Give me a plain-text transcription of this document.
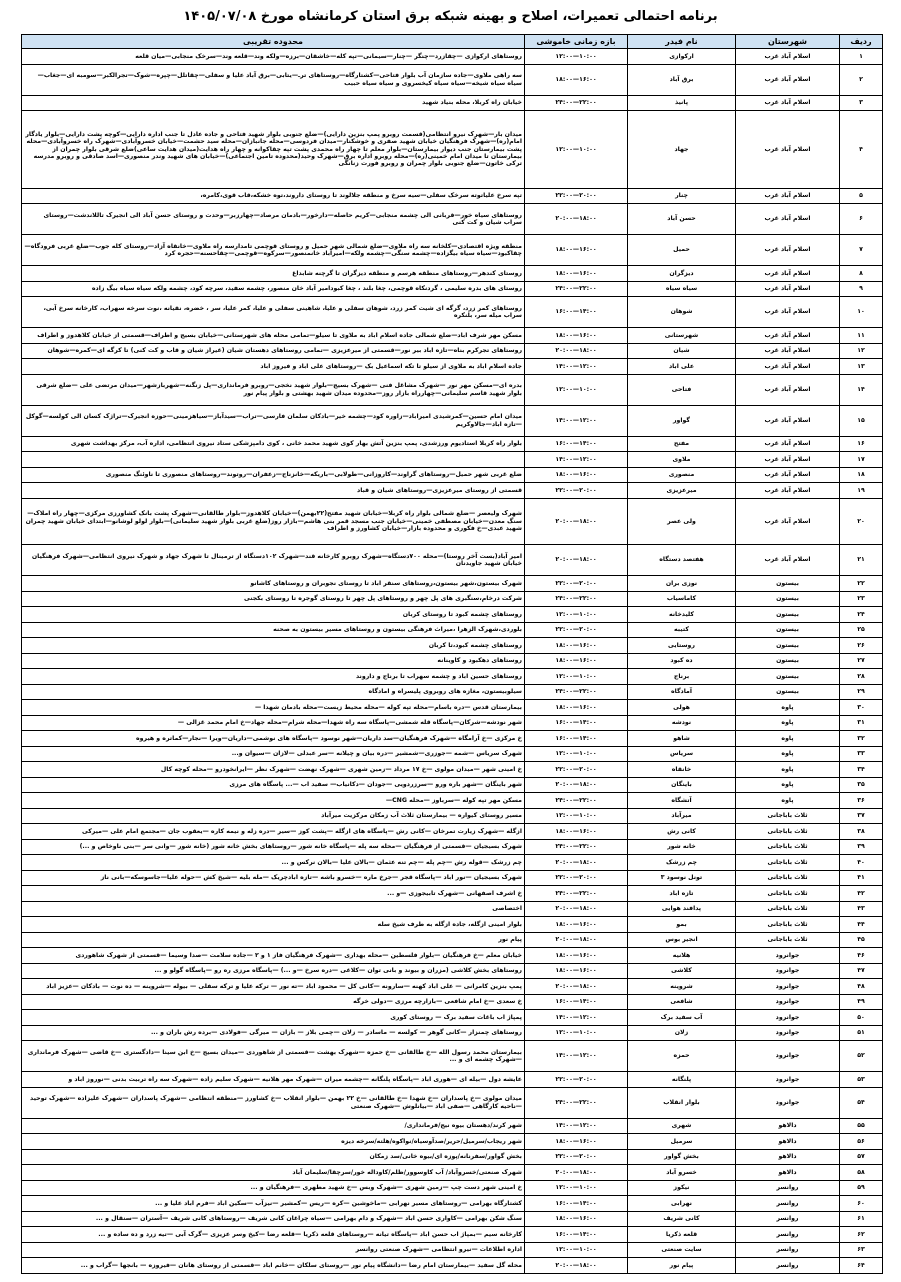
برنامه احتمالی تعمیرات، اصلاح و بهینه شبکه برق استان کرمانشاه مورخ ۱۴۰۵/۰۷/۰۸
ردیف	شهرستان	نام فیدر	بازه زمانی خاموشی	محدوده تقریبی
۱	اسلام آباد غرب	ارکوازی	۱۰:۰۰—۱۲:۰۰	روستاهای ارکوازی —چقازرد—چنگر —چنار—سیمانی—تپه کله—خاشقان—برزه—ولکه وند—قلعه وند—سرخک منجابی—میان قلعه
۲	اسلام آباد غرب	برق آباد	۱۶:۰۰—۱۸:۰۰	سه راهی ملاوی—جاده سازمان آب بلوار فتاحی—کشتارگاه—روستاهای ترـ—یتابی—برق آباد علیا و سفلی—چقاتلل—چپره—شوک—تجرالکبر—سومبه ای—جغاب—سیاه سیاه شیخه—سیاه سیاه کیخسروی و سیاه سیاه حبیب
۳	اسلام آباد غرب	پانیذ	۲۲:۰۰—۲۴:۰۰	خیابان راه کربلا، محله بنیاد شهید
۴	اسلام آباد غرب	جهاد	۱۰:۰۰—۱۲:۰۰	میدان بار—شهرک نیرو انتظامی(قسمت روبرو پمپ بنزین دارایی)—ضلع جنوبی بلوار شهید فتاحی و جاده عادل تا جنب اداره دارایی—کوچه پشت دارایی—بلوار یادگار امام(ره)—شهرک فرهنگیان خیابان شهید صفری و خوشکنار—میدان فردوسی—محله جانبازان—محله سید حشمت—خیابان خسروآبادی—شهرک راه خسروآبادی—محله پشت بیمارستان جنب دیوار بیمارستان—بلوار معلم تا چهار راه محمدی پشت تپه چقاکوانه و چهار راه هدایت(میدان هدایت ساعی)ضلع شرقی بلوار چمران از بیمارستان تا میدان امام خمینی(ره)—محله روبرو اداره برق—شهرک وحید(محدوده تامین اجتماعی)—خیابان های شهید وندر منصوری—اسد صادقی و روبرو مدرسه ترکی خاتون—ضلع جنوبی بلوار چمران و روبرو فورت زنانگی
۵	اسلام آباد غرب	چنار	۲۰:۰۰—۲۲:۰۰	تپه سرخ علیاتوته سرخک سفلی—سیه سرخ و منطقه جلالوند تا روستای داروند،توه خشکه،قاب قوی،کامره،
۶	اسلام آباد غرب	حسن آباد	۱۸:۰۰—۲۰:۰۰	روستاهای سیاه خور—قربانی الی چشمه منجابی—کریم حاصله—دارخور—بادمان مرصاد—چهارزبر—وحدت و روستای حسن آباد الی انجیرک تاللاندشت—روستای سراب شیان و کت کنی
۷	اسلام آباد غرب	حمیل	۱۶:۰۰—۱۸:۰۰	منطقه ویژه اقتصادی—کلخانه سه راه ملاوی—ضلع شمالی شهر حمیل و روستای قوچمی تامدارسه راه ملاوی—خانقاه آزاد—روستای کله جوب—ضلع غربی فرودگاه—چقاکبود—سیاه سیاه بیگزاده—چشمه سنگی—چشمه ولکه—امیرآباد خانمنصور—سرکوه—قوچمی—چقاحسنه—حجره کرد
۸	اسلام آباد غرب	دیزگران	۱۶:۰۰—۱۸:۰۰	روستای کندهر—روستاهای منطقه هرسم و منطقه دیزگران تا گرچنه شابداغ
۹	اسلام آباد غرب	سیاه سیاه	۲۲:۰۰—۲۴:۰۰	روستای های بدره سلیمی ، گردنکاه قوچمی، چغا بلند ، چغا کبودامیر آباد خان منصور، چشمه سفید، سرچه کود، چشمه ولکه سیاه سیاه بیگ زاده
۱۰	اسلام آباد غرب	شوهان	۱۴:۰۰—۱۶:۰۰	روستاهای کمر زرد، گرگه ای شیت کمر زرد، شوهان سفلی و علیا، شاهینی سفلی و علیا، کمر علیا، سر ، خضره، نقیانه ،نوت سرخه سهراب، کارخانه سرخ آبی، سراب میله سر، بلنکره
۱۱	اسلام آباد غرب	شهرستانی	۱۶:۰۰—۱۸:۰۰	مسکن مهر شرف اباد—ضلع شمالی جاده اسلام اباد به ملاوی تا سیلو—تمامی محله های شهرستانی—خیابان بسیج و اطراف—قسمتی از خیابان کلاهدوز و اطراف
۱۲	اسلام آباد غرب	شیان	۱۸:۰۰—۲۰:۰۰	روستاهای تجرکرم بناه—تازه اباد بیر نور—قسمتی از میرعزیزی —تمامی روستاهای دهستان شیان (غیراز شیان و قاب و کت کنی) تا کرگه ای—کمره—شوهان
۱۳	اسلام آباد غرب	علی اباد	۱۲:۰۰—۱۴:۰۰	جاده اسلام اباد به ملاوی از سیلو تا تکه اسماعیل بک —روستاهای علی اباد و فیروز اباد
۱۴	اسلام آباد غرب	فتاحی	۱۰:۰۰—۱۲:۰۰	بدره ای—مسکن مهر نور —شهرک مشاغل فنی —شهرک بسیج—بلوار شهید نخجی—روبرو فرمانداری—پل زنگنه—شهربازشهر—میدان مرتضی علی —ضلع شرقی بلوار شهید قاسم سلیمانی—چهارراه بازار روز—محدوده میدان شهید بهشتی و بلوار پیام نور
۱۵	اسلام آباد غرب	گواور	۱۲:۰۰—۱۴:۰۰	میدان امام حسین—کمرشیدی امیراباد—زاوره کود—چشمه خیر—بادکان سلمان فارسی—تراب—سیدآباز—سیاهزمینی—حوزه انجیرک—تراژک کسان الی کولسه—گوکل—تازه اباد—جالاوکریم
۱۶	اسلام آباد غرب	مفتح	۱۴:۰۰—۱۶:۰۰	بلوار راه کربلا استادیوم ورزشدی، پمپ بنزین آتش بهار کوی شهید محمد خانی ، کوی دامپزشکی ستاد نیروی انتظامی، اداره آب، مرکز بهداشت شهری
۱۷	اسلام آباد غرب	ملاوی	۱۲:۰۰—۱۴:۰۰	
۱۸	اسلام آباد غرب	منصوری	۱۶:۰۰—۱۸:۰۰	ضلع غربی شهر حمیل—روستاهای گراوند—کاروزانی—طولابی—باریکه—خانزناج—زعفران—روتوند—روستاهای منصوری تا ناوئنگ منصوری
۱۹	اسلام آباد غرب	میرعزیزی	۲۰:۰۰—۲۲:۰۰	قسمتی از روستای میرعزیزی—روستاهای شیان و قباد
۲۰	اسلام آباد غرب	ولی عصر	۱۸:۰۰—۲۰:۰۰	شهرک ولیعصر —ضلع شمالی بلوار راه کربلا—خیابان شهید مفتح(۲۲بهمن)—خیابان کلاهدوز—بلوار طالقانی—شهرک پشت بانک کشاورزی مرکزی—چهار راه املاک—سنگ معدن—خیابان مصطفی خمینی—خیابان جنب مسجد قمر بنی هاشم—بازار روز(ضلع غربی بلوار شهید سلیمانی)—بلوار لولو لوشانو—ابتدای خیابان شهید چمران شهید عبدی—خ فکوری و محدوده بازار—خیابان کشاورز و اطراف
۲۱	اسلام آباد غرب	هفتصد دستگاه	۱۸:۰۰—۲۰:۰۰	امیر آباد(بست آخر روستا)—محله ۷۰۰دستگاه—شهرک روبرو کارخانه قند—شهرک ۱۰۲دستگاه از ترمینال تا شهرک جهاد و شهرک نیروی انتظامی—شهرک فرهنگیان خیابان شهید جاویدنان
۲۲	بیستون	نوزی بران	۲۰:۰۰—۲۲:۰۰	شهرک بیستون،شهر بیستون،روستاهای سنقر اباد تا روستای نجوبران و روستاهای کاشانو
۲۳	بیستون	کاماسیاب	۲۲:۰۰—۲۴:۰۰	شرکت درخام،سنگبری های پل چهر و روستاهای پل چهر تا روستای گوجره تا روستای بکجنی
۲۴	بیستون	کلیدخانه	۱۰:۰۰—۱۲:۰۰	روستاهای چشمه کبود تا روستای کربان
۲۵	بیستون	کتیبه	۲۰:۰۰—۲۲:۰۰	بلوردی،شهرک الزهرا ،میراث فرهنگی بیستون و روستاهای مسیر بیستون به صحنه
۲۶	بیستون	روستایی	۱۶:۰۰—۱۸:۰۰	روستاهای چشمه کبود،تا کربان
۲۷	بیستون	ده کبود	۱۶:۰۰—۱۸:۰۰	روستاهای دهکبود و کاوینانه
۲۸	بیستون	برناج	۱۰:۰۰—۱۲:۰۰	روستاهای حسین اباد و چشمه سهراب تا برناج و داروند
۲۹	بیستون	آمادگاه	۲۲:۰۰—۲۴:۰۰	سیلوبیستون، مغازه های روبروی پلیسراه و امادگاه
۳۰	پاوه	هولی	۱۶:۰۰—۱۸:۰۰	بیمارستان قدس —دره باسام—محله تپه کوله —محله محیط زیست—محله بادمان شهدا —
۳۱	پاوه	نودشه	۱۴:۰۰—۱۶:۰۰	شهر نودشه—شرکان—پاسگاه قله شمشی—پاسگاه سه راه شهدا—محله شرام—محله جهاد—خ امام محمد غزالی —
۳۲	پاوه	شاهو	۱۴:۰۰—۱۶:۰۰	خ مرکزی —خ آرامگاه —شهرک فرهنگیان—سد داریان—شهر نوسود —پاسگاه های نوشمی—داریان—ویرا —نجار—کماتره و هیروه
۳۳	پاوه	سریاس	۱۰:۰۰—۱۲:۰۰	شهرک سریاس —شمه —جوزری—شمشیر —دره بیان و چیلانه —سر عبدلی —لازان —سیوان و...
۳۴	پاوه	خانقاه	۲۰:۰۰—۲۲:۰۰	خ امینی شهر —میدان مولوی —خ ۱۷ مرداد —زمین شهری —شهرک نهضت —شهرک نظر —ایرانخودرو —محله کوچه کال
۳۵	پاوه	باینگان	۱۸:۰۰—۲۰:۰۰	شهر باینگان —شهر باره ورو —سرزردویی —جودان —دکانیاب— سفید اب —... پاسگاه های مرزی
۳۶	پاوه	آتشگاه	۲۲:۰۰—۲۴:۰۰	مسکن مهر تپه کوله —سرباوز —محله CNG—
۳۷	ثلاث باباجانی	میرآباد	۱۰:۰۰—۱۲:۰۰	مسیر روستای کیواره — بیمارستان ثلاث آب زمکان مرکزیت میرآباد
۳۸	ثلاث باباجانی	کانی رش	۱۶:۰۰—۱۸:۰۰	ازگله —شهرک زیارت تمرخان —کانی رش —پاسگاه های ازگله —پشت کوز —سیر —دره زله و نیمه کاره —یعقوب جان —مجتمع امام علی —میرکی
۳۹	ثلاث باباجانی	خانه شور	۲۲:۰۰—۲۴:۰۰	شهرک بسیجیان —قسمتی از فرهنگیان —محله سه پله —پاسگاه خانه شور —روستاهای بخش خانه شور (خانه شور —وانی سر —بنی ناوخاص و ...)
۴۰	ثلاث باباجانی	چم زرشک	۱۸:۰۰—۲۰:۰۰	چم زرشک —قوله رش —چم پله —چم تنه عثمان —بالان علیا —بالان نرکس و ...
۴۱	ثلاث باباجانی	تونل نوسود ۳	۲۰:۰۰—۲۲:۰۰	شهرک بسیجیان —نور اباد —پاسگاه قجر —جرخ ماره —خسرو باشه —تازه ابادچریک —مله بلیه —شیخ کش —حوله علیا—جاسوسکه—بانی ناز
۴۲	ثلاث باباجانی	تازه اباد	۲۲:۰۰—۲۴:۰۰	خ اشرف اصفهانی —شهرک تابیجوزی —و ...
۴۳	ثلاث باباجانی	پدافند هوایی	۱۸:۰۰—۲۰:۰۰	اختصاصی
۴۴	ثلاث باباجانی	بمو	۱۶:۰۰—۱۸:۰۰	بلوار امینی ازگله، جاده ازگله به طرف شیخ سله
۴۵	ثلاث باباجانی	انجیر بوس	۱۸:۰۰—۲۰:۰۰	پیام نور
۴۶	جوانرود	هلانیه	۱۶:۰۰—۱۸:۰۰	خیابان معلم —خ فرهنگیان —بلوار فلسطین —محله بهداری —شهرک فرهنگیان فاز ۱ و ۲ —جاده سلامت —صدا وسیما —قسمتی از شهرک شاهوردی
۴۷	جوانرود	کلاشی	۱۶:۰۰—۱۸:۰۰	روستاهای بخش کلاشی (مزران و بیوند و بانی توان —کلاغی —دره سرخ —و ...) —پاسگاه مرزی ره رو —پاسگاه گولو و ...
۴۸	جوانرود	شروینه	۱۸:۰۰—۲۰:۰۰	پمپ بنزین کامرانی — علی اباد کهنه —سارونه —کانی کل — محمود اباد —ته نور — ترکه علیا و ترکه سفلی — بیوله —شروینه — ده نوت — بادکان —عزیز اباد
۴۹	جوانرود	شافعی	۱۴:۰۰—۱۶:۰۰	خ سعدی —خ امام شافعی —بازارچه مرزی —دولی خرگه
۵۰	جوانرود	آب سفید برک	۱۲:۰۰—۱۴:۰۰	پمپاژ اب باغات سفید برک — روستای کوری
۵۱	جوانرود	زلان	۱۰:۰۰—۱۲:۰۰	روستاهای چمنزار —کانی گوهر — کولسه — ماسادر — زلان —چمی بلاز — بازان — میرگی —فولادی —برده رش باران و ...
۵۲	جوانرود	حمزه	۱۲:۰۰—۱۴:۰۰	بیمارستان محمد رسول الله —خ طالقانی —خ حمزه —شهرک بهشت —قسمتی از شاهوردی —میدان بسیج —خ ابن سینا —دادگستری —خ قاضی —شهرک فرمانداری —شهرک چشمه ای و ...
۵۳	جوانرود	پلنگانه	۲۰:۰۰—۲۲:۰۰	عایشه دول —بیله ای —هوری اباد —پاسگاه پلنگانه —چشمه میران —شهرک مهر هلانیه —شهرک سلیم زاده —شهرک سه راه تربیت بدنی —نوروز اباد و
۵۴	جوانرود	بلوار انقلاب	۲۲:۰۰—۲۴:۰۰	میدان مولوی —خ پاسداران —خ شهدا —خ طالقانی —خ ۲۲ بهمن —بلوار انقلاب —خ کشاورز —منطقه انتظامی —شهرک پاسداران —شهرک علیزاده —شهرک توحید —ناحیه کارگاهی —صفی اباد —بیانلوش —شهرک صنعتی
۵۵	دالاهو	شهری	۱۲:۰۰—۱۴:۰۰	شهر کرند/دهستان بیوه نیج/فرمانداری/
۵۶	دالاهو	سرمیل	۱۶:۰۰—۱۸:۰۰	شهر ریجاب/سرمیل/حریر/صدآوسیاه/نواکوه/هلته/سرخه دیزه
۵۷	دالاهو	بخش گواور	۲۰:۰۰—۲۲:۰۰	بخش گواور/سفرنانه/پوزه ای/بیوه خانی/سد زمکان
۵۸	دالاهو	خسرو آباد	۱۸:۰۰—۲۰:۰۰	شهرک صنعتی/خسروآباد/ آب کاوسوور/ظلم/کاوداله خور/سرچقا/سلیمان آباد
۵۹	روانسر	نیکوز	۱۰:۰۰—۱۲:۰۰	خ امینی شهر دست چپ —زمین شهری —شهرک وبس —خ شهید مطهری —فرهنگیان و ...
۶۰	روانسر	نهرابی	۱۴:۰۰—۱۶:۰۰	کشتارگاه بهرامی —روستاهای مسیر نهرابی —ماخوشین —کره —ریس —کمشیر —نیزآب —سکین اباد —فرم اباد علیا و ...
۶۱	روانسر	کانی شریف	۱۶:۰۰—۱۸:۰۰	سنگ شکن بهرامی —کاواری حسن اباد —شهرک و دام بهرامی —سیاه چراغان کانی شریف —روستاهای کانی شریف —آستران —سنقال و ...
۶۲	روانسر	قلعه ذکریا	۱۴:۰۰—۱۶:۰۰	کارخانه سیم —بمپاژ اب حسن اباد —پاسگاه تیانه —روستاهای قلعه ذکریا —قلعه رضا —کیخ وسر عزیزی —گرک آبی —تیه زرد و ده ساده و ...
۶۳	روانسر	سایت صنعتی	۱۰:۰۰—۱۲:۰۰	اداره اطلاعات —نیرو انتظامی —شهرک صنعتی روانسر
۶۴	روانسر	پیام نور	۱۸:۰۰—۲۰:۰۰	محله گل سفید —بیمارستان امام رضا —دانشگاه پیام نور —روستای سلکان —خانم اباد —قسمتی از روستای هانان —فیروزه — بانجها —گراب و ...
